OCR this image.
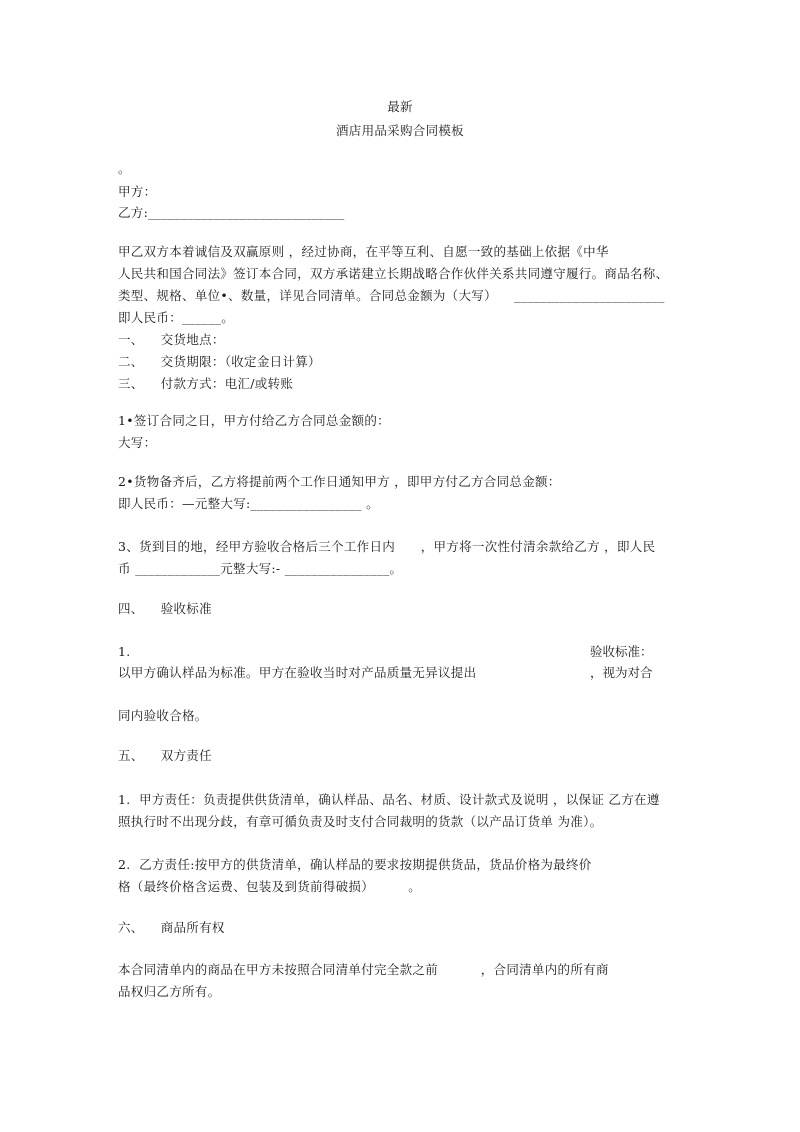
最新
酒店用品采购合同模板
。
甲方：
乙方:______________________________
甲乙双方本着诚信及双赢原则 ，经过协商，在平等互利、自愿一致的基础上依据《中华
人民共和国合同法》签订本合同，双方承诺建立长期战略合作伙伴关系共同遵守履行。商品名称、
类型、规格、单位•、数量，详见合同清单。合同总金额为（大写）    _______________________
即人民币：______。
一、    交货地点：
二、    交货期限：（收定金日计算）
三、    付款方式：电汇/或转账
1•签订合同之日，甲方付给乙方合同总金额的：
大写：
2•货物备齐后，乙方将提前两个工作日通知甲方 ，即甲方付乙方合同总金额：
即人民币：—元整大写:_________________ 。
3、货到目的地，经甲方验收合格后三个工作日内      ，甲方将一次性付清余款给乙方 ，即人民
币 _____________元整大写:- ________________。
四、    验收标准
1.	验收标准：
以甲方确认样品为标准。甲方在验收当时对产品质量无异议提出	，视为对合
同内验收合格。
五、    双方责任
1.  甲方责任：负责提供供货清单，确认样品、品名、材质、设计款式及说明 ，以保证 乙方在遵
照执行时不出现分歧，有章可循负责及时支付合同裁明的货款（以产品订货单 为准）。
2.  乙方责任:按甲方的供货清单，确认样品的要求按期提供货品，货品价格为最终价
格（最终价格含运费、包装及到货前得破损）        。
六、    商品所有权
本合同清单内的商品在甲方未按照合同清单付完全款之前          ，合同清单内的所有商
品权归乙方所有。
